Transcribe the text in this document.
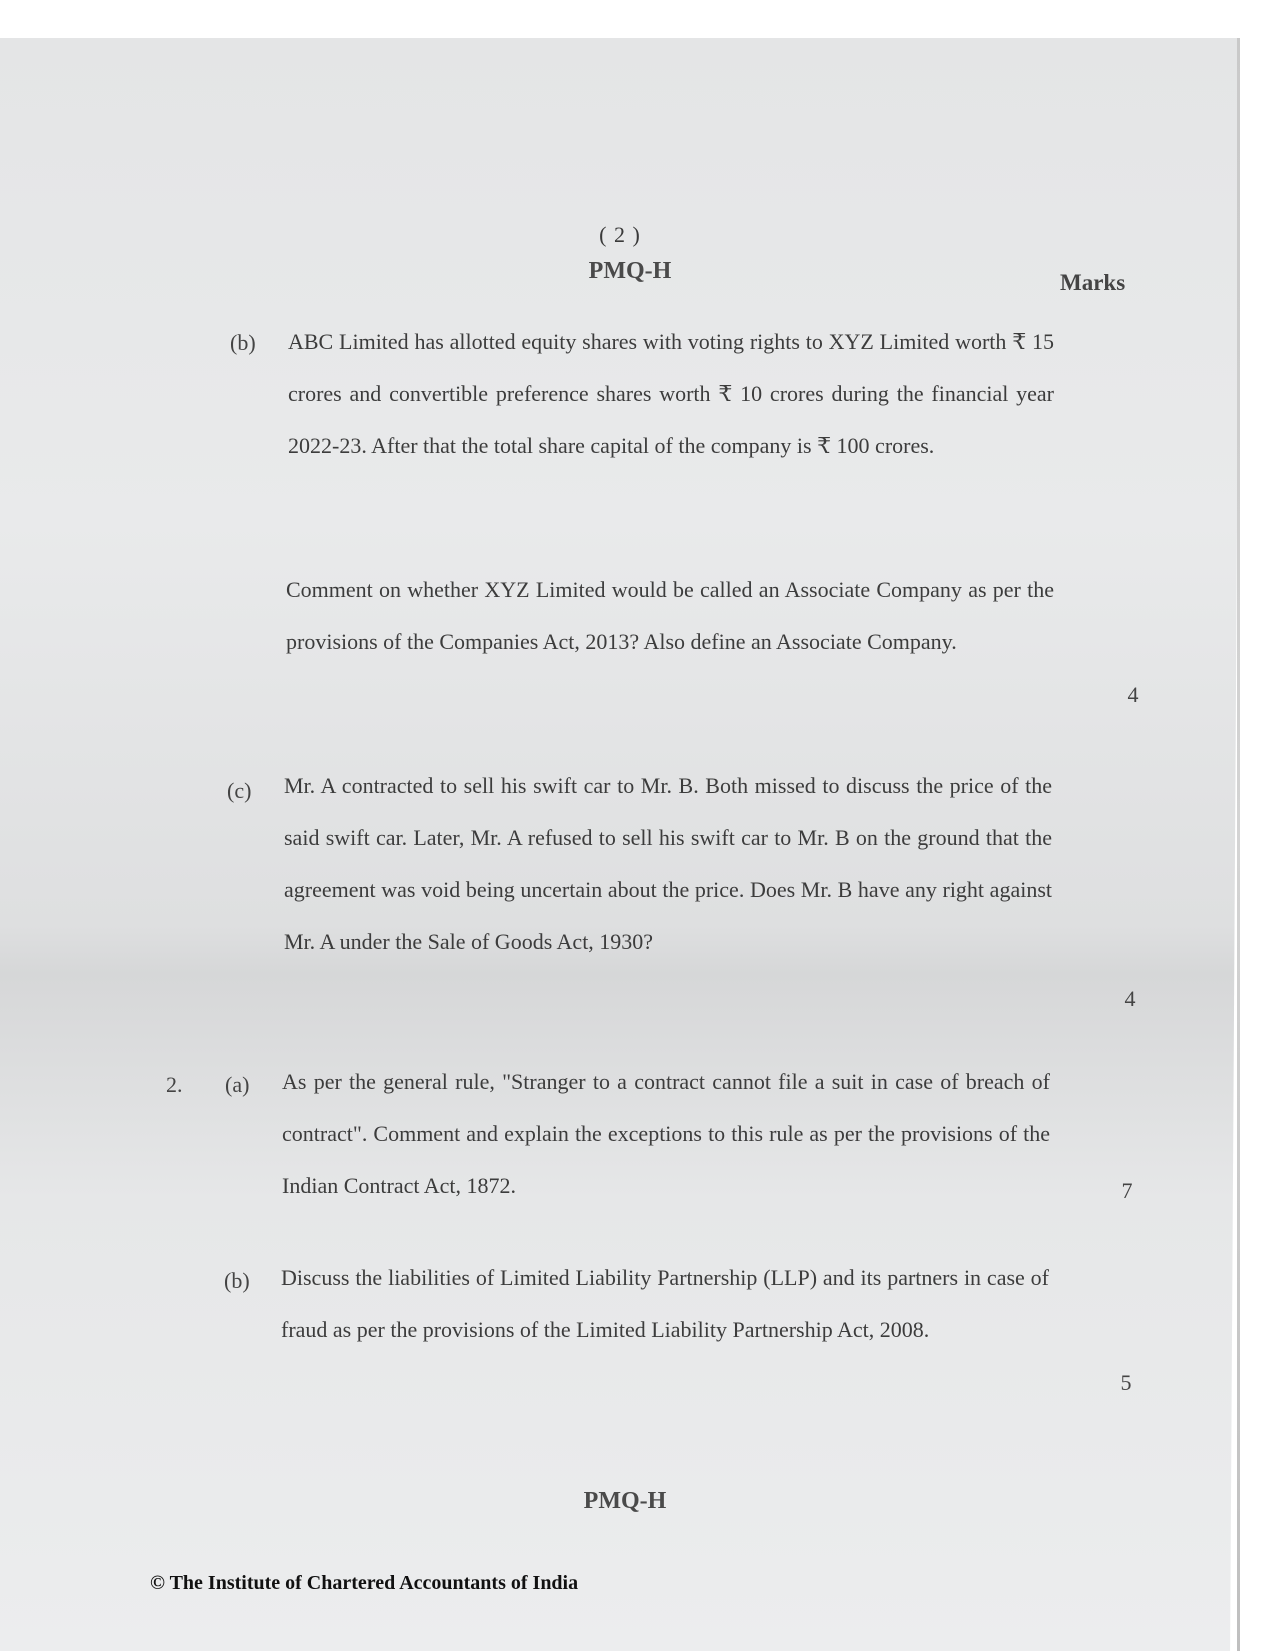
( 2 )
PMQ-H	Marks
(b) ABC Limited has allotted equity shares with voting rights to XYZ Limited worth ₹ 15 crores and convertible preference shares worth ₹ 10 crores during the financial year 2022-23. After that the total share capital of the company is ₹ 100 crores.
Comment on whether XYZ Limited would be called an Associate Company as per the provisions of the Companies Act, 2013? Also define an Associate Company.
4
(c) Mr. A contracted to sell his swift car to Mr. B. Both missed to discuss the price of the said swift car. Later, Mr. A refused to sell his swift car to Mr. B on the ground that the agreement was void being uncertain about the price. Does Mr. B have any right against Mr. A under the Sale of Goods Act, 1930?
4
2. (a) As per the general rule, "Stranger to a contract cannot file a suit in case of breach of contract". Comment and explain the exceptions to this rule as per the provisions of the Indian Contract Act, 1872.	7
(b) Discuss the liabilities of Limited Liability Partnership (LLP) and its partners in case of fraud as per the provisions of the Limited Liability Partnership Act, 2008.
5
PMQ-H
© The Institute of Chartered Accountants of India
